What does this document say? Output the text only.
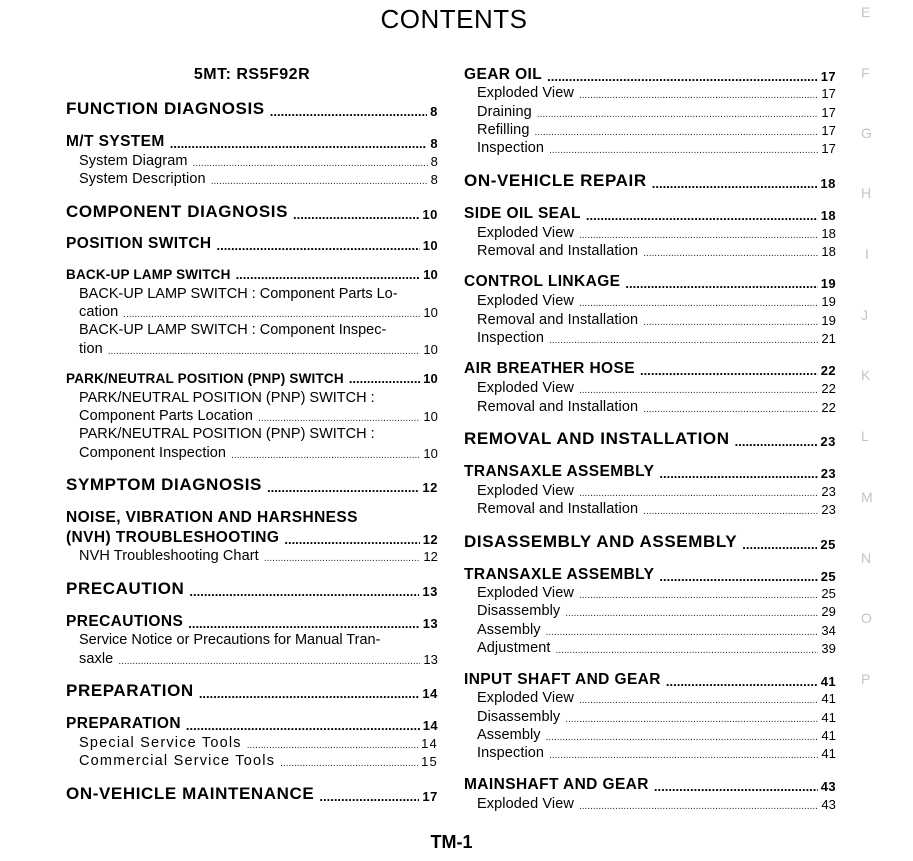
CONTENTS
5MT: RS5F92R
FUNCTION DIAGNOSIS .....	8
M/T SYSTEM .....	8
System Diagram .....	8
System Description .....	8
COMPONENT DIAGNOSIS .....	10
POSITION SWITCH .....	10
BACK-UP LAMP SWITCH .....	10
BACK-UP LAMP SWITCH : Component Parts Lo-
cation .....	10
BACK-UP LAMP SWITCH : Component Inspec-
tion .....	10
PARK/NEUTRAL POSITION (PNP) SWITCH .....	10
PARK/NEUTRAL POSITION (PNP) SWITCH :
Component Parts Location .....	10
PARK/NEUTRAL POSITION (PNP) SWITCH :
Component Inspection .....	10
SYMPTOM DIAGNOSIS .....	12
NOISE, VIBRATION AND HARSHNESS
(NVH) TROUBLESHOOTING .....	12
NVH Troubleshooting Chart .....	12
PRECAUTION .....	13
PRECAUTIONS .....	13
Service Notice or Precautions for Manual Tran-
saxle .....	13
PREPARATION .....	14
PREPARATION .....	14
Special Service Tools .....	14
Commercial Service Tools .....	15
ON-VEHICLE MAINTENANCE .....	17
GEAR OIL .....	17
Exploded View .....	17
Draining .....	17
Refilling .....	17
Inspection .....	17
ON-VEHICLE REPAIR .....	18
SIDE OIL SEAL .....	18
Exploded View .....	18
Removal and Installation .....	18
CONTROL LINKAGE .....	19
Exploded View .....	19
Removal and Installation .....	19
Inspection .....	21
AIR BREATHER HOSE .....	22
Exploded View .....	22
Removal and Installation .....	22
REMOVAL AND INSTALLATION .....	23
TRANSAXLE ASSEMBLY .....	23
Exploded View .....	23
Removal and Installation .....	23
DISASSEMBLY AND ASSEMBLY .....	25
TRANSAXLE ASSEMBLY .....	25
Exploded View .....	25
Disassembly .....	29
Assembly .....	34
Adjustment .....	39
INPUT SHAFT AND GEAR .....	41
Exploded View .....	41
Disassembly .....	41
Assembly .....	41
Inspection .....	41
MAINSHAFT AND GEAR .....	43
Exploded View .....	43
E
F
G
H
I
J
K
L
M
N
O
P
TM-1
